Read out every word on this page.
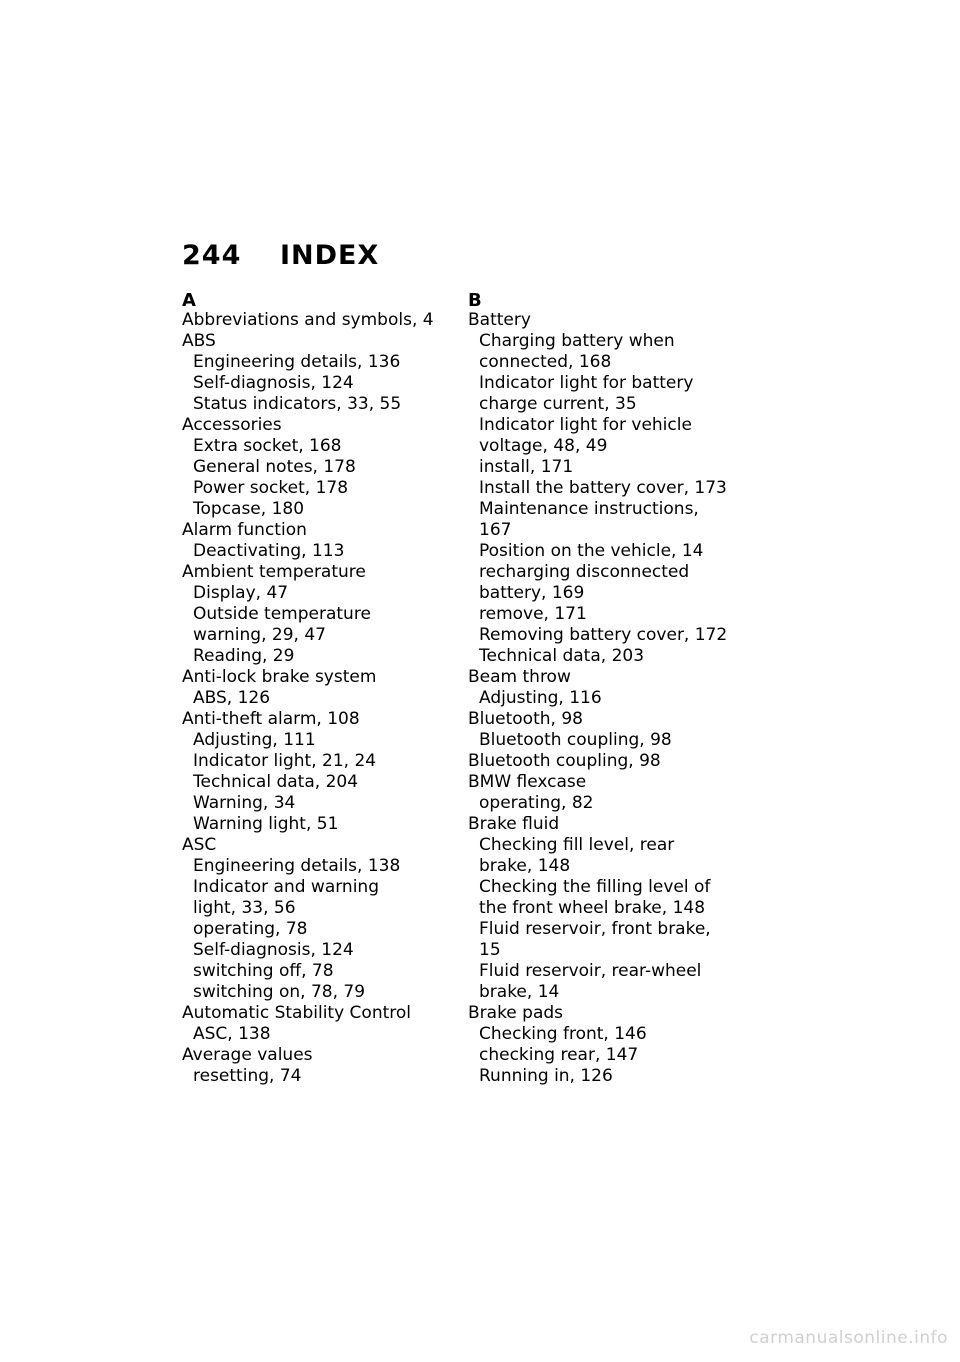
244 INDEX
A
Abbreviations and symbols, 4
ABS
Engineering details, 136
Self-diagnosis, 124
Status indicators, 33, 55
Accessories
Extra socket, 168
General notes, 178
Power socket, 178
Topcase, 180
Alarm function
Deactivating, 113
Ambient temperature
Display, 47
Outside temperature
warning, 29, 47
Reading, 29
Anti-lock brake system
ABS, 126
Anti-theft alarm, 108
Adjusting, 111
Indicator light, 21, 24
Technical data, 204
Warning, 34
Warning light, 51
ASC
Engineering details, 138
Indicator and warning
light, 33, 56
operating, 78
Self-diagnosis, 124
switching off, 78
switching on, 78, 79
Automatic Stability Control
ASC, 138
Average values
resetting, 74
B
Battery
Charging battery when
connected, 168
Indicator light for battery
charge current, 35
Indicator light for vehicle
voltage, 48, 49
install, 171
Install the battery cover, 173
Maintenance instructions, 167
Position on the vehicle, 14
recharging disconnected
battery, 169
remove, 171
Removing battery cover, 172
Technical data, 203
Beam throw
Adjusting, 116
Bluetooth, 98
Bluetooth coupling, 98
Bluetooth coupling, 98
BMW flexcase
operating, 82
Brake fluid
Checking fill level, rear
brake, 148
Checking the filling level of
the front wheel brake, 148
Fluid reservoir, front brake, 15
Fluid reservoir, rear-wheel
brake, 14
Brake pads
Checking front, 146
checking rear, 147
Running in, 126
carmanualsonline.info
